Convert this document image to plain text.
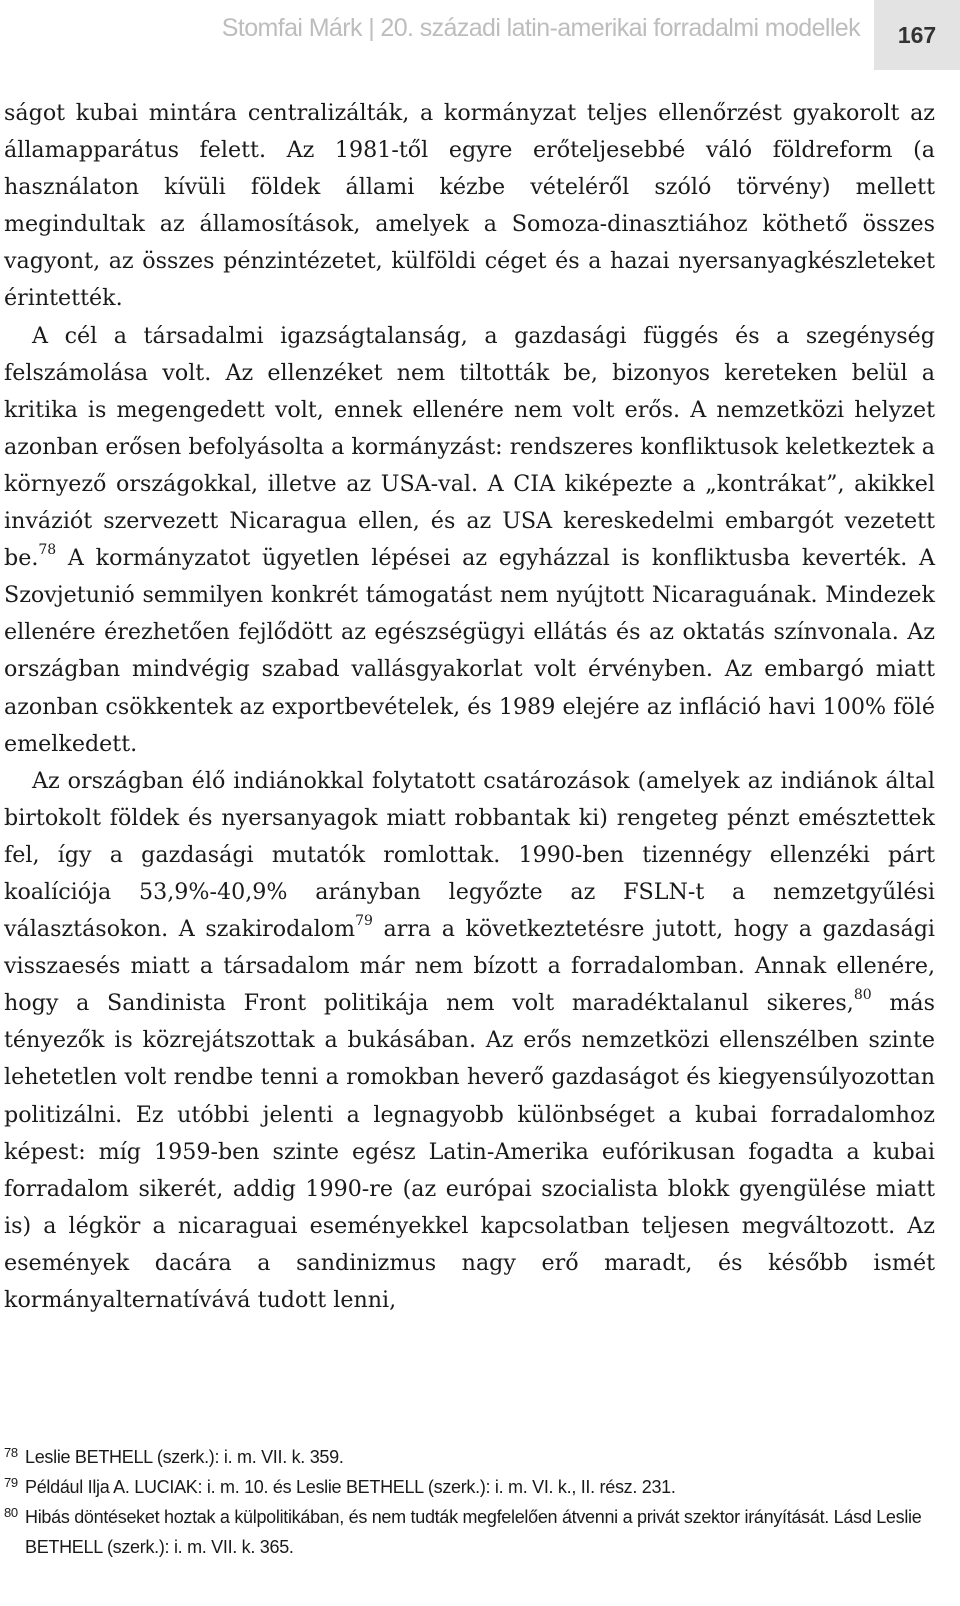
Stomfai Márk | 20. századi latin-amerikai forradalmi modellek	167

ságot kubai mintára centralizálták, a kormányzat teljes ellenőrzést gyakorolt az államapparátus felett. Az 1981-től egyre erőteljesebbé váló földreform (a használaton kívüli földek állami kézbe vételéről szóló törvény) mellett megindultak az államosítások, amelyek a Somoza-dinasztiához köthető összes vagyont, az összes pénzintézetet, külföldi céget és a hazai nyersanyagkészleteket érintették.

A cél a társadalmi igazságtalanság, a gazdasági függés és a szegénység felszámolása volt. Az ellenzéket nem tiltották be, bizonyos kereteken belül a kritika is megengedett volt, ennek ellenére nem volt erős. A nemzetközi helyzet azonban erősen befolyásolta a kormányzást: rendszeres konfliktusok keletkeztek a környező országokkal, illetve az USA-val. A CIA kiképezte a „kontrákat”, akikkel inváziót szervezett Nicaragua ellen, és az USA kereskedelmi embargót vezetett be.$^{78}$ A kormányzatot ügyetlen lépései az egyházzal is konfliktusba keverték. A Szovjetunió semmilyen konkrét támogatást nem nyújtott Nicaraguának. Mindezek ellenére érezhetően fejlődött az egészségügyi ellátás és az oktatás színvonala. Az országban mindvégig szabad vallásgyakorlat volt érvényben. Az embargó miatt azonban csökkentek az exportbevételek, és 1989 elejére az infláció havi 100% fölé emelkedett.

Az országban élő indiánokkal folytatott csatározások (amelyek az indiánok által birtokolt földek és nyersanyagok miatt robbantak ki) rengeteg pénzt emésztettek fel, így a gazdasági mutatók romlottak. 1990-ben tizennégy ellenzéki párt koalíciója 53,9%-40,9% arányban legyőzte az FSLN-t a nemzetgyűlési választásokon. A szakirodalom$^{79}$ arra a következtetésre jutott, hogy a gazdasági visszaesés miatt a társadalom már nem bízott a forradalomban. Annak ellenére, hogy a Sandinista Front politikája nem volt maradéktalanul sikeres,$^{80}$ más tényezők is közrejátszottak a bukásában. Az erős nemzetközi ellenszélben szinte lehetetlen volt rendbe tenni a romokban heverő gazdaságot és kiegyensúlyozottan politizálni. Ez utóbbi jelenti a legnagyobb különbséget a kubai forradalomhoz képest: míg 1959-ben szinte egész Latin-Amerika eufórikusan fogadta a kubai forradalom sikerét, addig 1990-re (az európai szocialista blokk gyengülése miatt is) a légkör a nicaraguai eseményekkel kapcsolatban teljesen megváltozott. Az események dacára a sandinizmus nagy erő maradt, és később ismét kormányalternatívává tudott lenni,

78 Leslie BETHELL (szerk.): i. m. VII. k. 359.

79 Például Ilja A. LUCIAK: i. m. 10. és Leslie BETHELL (szerk.): i. m. VI. k., II. rész. 231.

80 Hibás döntéseket hoztak a külpolitikában, és nem tudták megfelelően átvenni a privát szektor irányítását. Lásd Leslie BETHELL (szerk.): i. m. VII. k. 365.
